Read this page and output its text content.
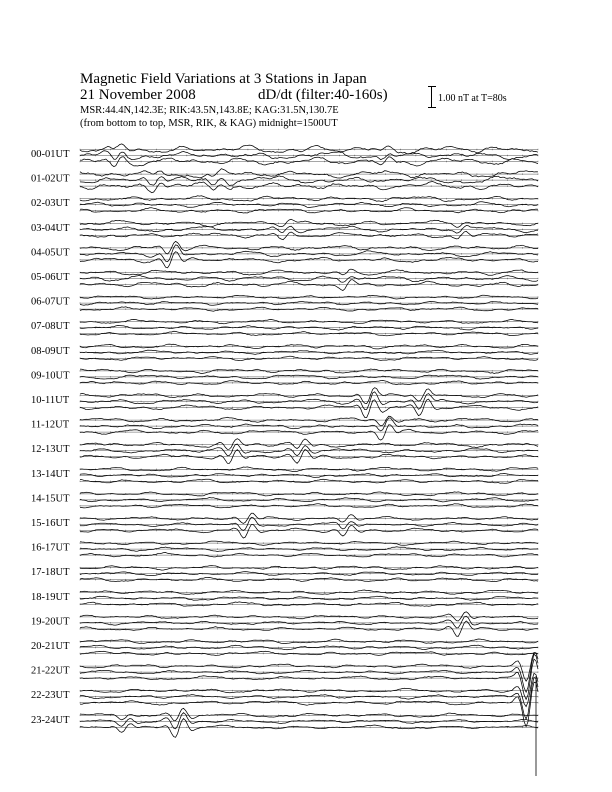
Magnetic Field Variations at 3 Stations in Japan
21 November 2008	dD/dt (filter:40-160s)
MSR:44.4N,142.3E; RIK:43.5N,143.8E; KAG:31.5N,130.7E
(from bottom to top, MSR, RIK, & KAG) midnight=1500UT
1.00 nT at T=80s
00-01UT
01-02UT
02-03UT
03-04UT
04-05UT
05-06UT
06-07UT
07-08UT
08-09UT
09-10UT
10-11UT
11-12UT
12-13UT
13-14UT
14-15UT
15-16UT
16-17UT
17-18UT
18-19UT
19-20UT
20-21UT
21-22UT
22-23UT
23-24UT
